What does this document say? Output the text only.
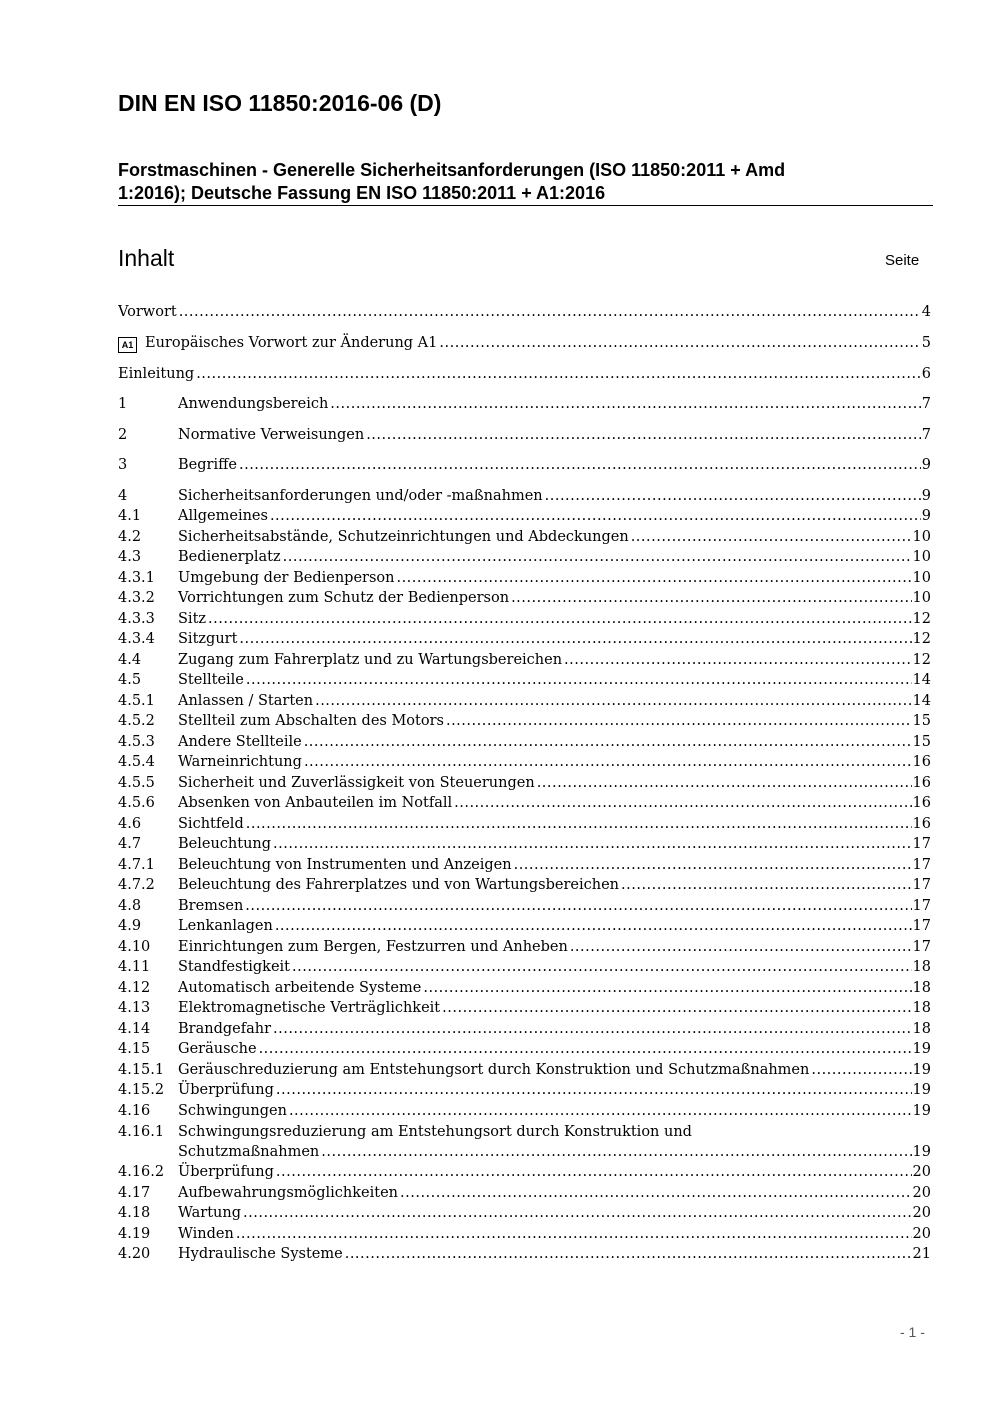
DIN EN ISO 11850:2016-06 (D)
Forstmaschinen - Generelle Sicherheitsanforderungen (ISO 11850:2011 + Amd
1:2016); Deutsche Fassung EN ISO 11850:2011 + A1:2016
Inhalt	Seite
Vorwort .....	4
A1 Europäisches Vorwort zur Änderung A1 .....	5
Einleitung .....	6
1	Anwendungsbereich .....	7
2	Normative Verweisungen .....	7
3	Begriffe .....	9
4	Sicherheitsanforderungen und/oder -maßnahmen .....	9
4.1	Allgemeines .....	9
4.2	Sicherheitsabstände, Schutzeinrichtungen und Abdeckungen .....	10
4.3	Bedienerplatz .....	10
4.3.1 Umgebung der Bedienperson .....	10
4.3.2 Vorrichtungen zum Schutz der Bedienperson .....	10
4.3.3 Sitz .....	12
4.3.4 Sitzgurt .....	12
4.4	Zugang zum Fahrerplatz und zu Wartungsbereichen .....	12
4.5	Stellteile .....	14
4.5.1 Anlassen / Starten .....	14
4.5.2 Stellteil zum Abschalten des Motors .....	15
4.5.3 Andere Stellteile .....	15
4.5.4 Warneinrichtung .....	16
4.5.5 Sicherheit und Zuverlässigkeit von Steuerungen .....	16
4.5.6 Absenken von Anbauteilen im Notfall .....	16
4.6	Sichtfeld .....	16
4.7	Beleuchtung .....	17
4.7.1 Beleuchtung von Instrumenten und Anzeigen .....	17
4.7.2 Beleuchtung des Fahrerplatzes und von Wartungsbereichen .....	17
4.8	Bremsen .....	17
4.9	Lenkanlagen .....	17
4.10 Einrichtungen zum Bergen, Festzurren und Anheben .....	17
4.11 Standfestigkeit .....	18
4.12 Automatisch arbeitende Systeme .....	18
4.13 Elektromagnetische Verträglichkeit .....	18
4.14 Brandgefahr .....	18
4.15 Geräusche .....	19
4.15.1 Geräuschreduzierung am Entstehungsort durch Konstruktion und Schutzmaßnahmen .....	19
4.15.2 Überprüfung .....	19
4.16 Schwingungen .....	19
4.16.1 Schwingungsreduzierung am Entstehungsort durch Konstruktion und
Schutzmaßnahmen .....	19
4.16.2 Überprüfung .....	20
4.17 Aufbewahrungsmöglichkeiten .....	20
4.18 Wartung .....	20
4.19 Winden .....	20
4.20 Hydraulische Systeme .....	21
- 1 -
